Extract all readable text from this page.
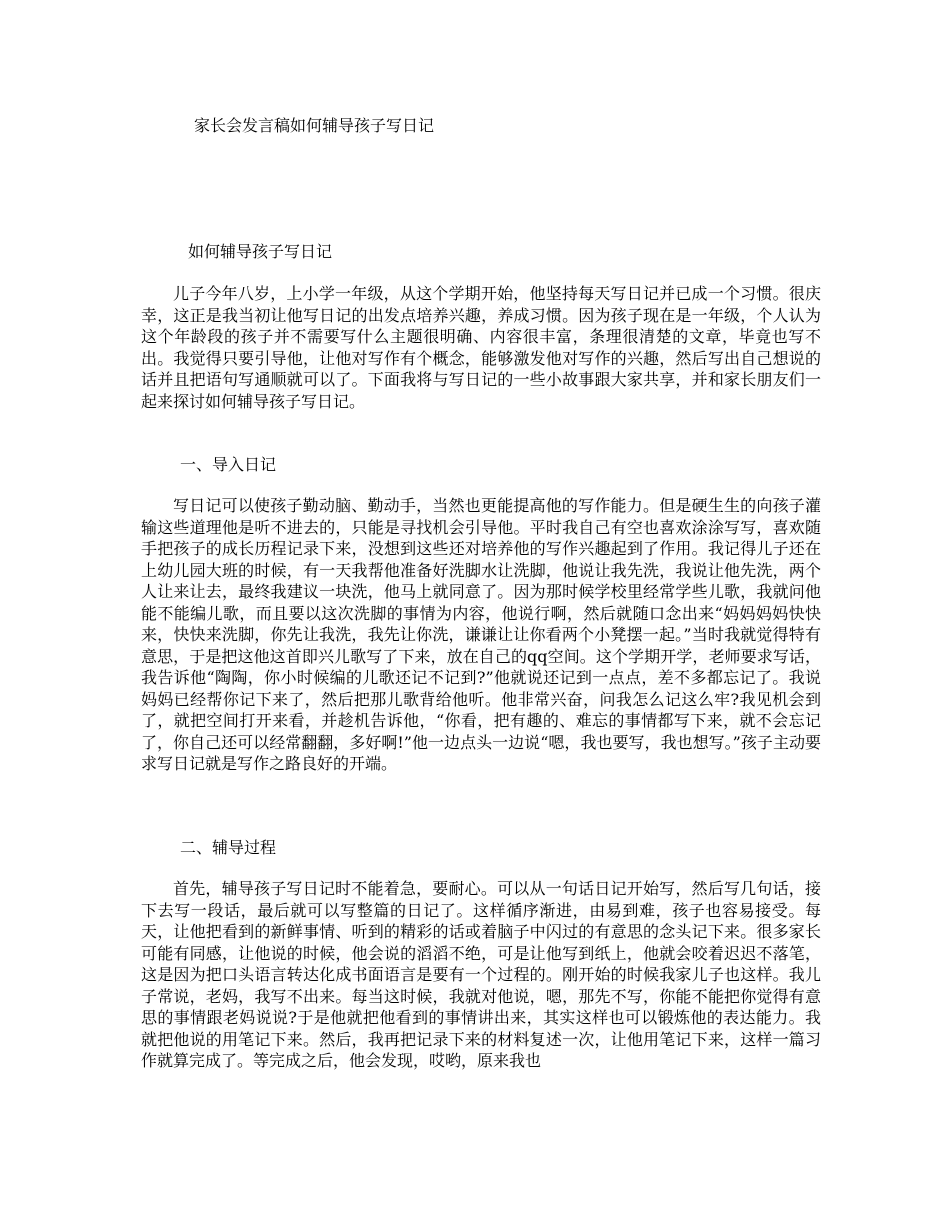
家长会发言稿如何辅导孩子写日记
如何辅导孩子写日记

儿子今年八岁，上小学一年级，从这个学期开始，他坚持每天写日记并已成一个习惯。很庆幸，这正是我当初让他写日记的出发点培养兴趣，养成习惯。因为孩子现在是一年级，个人认为这个年龄段的孩子并不需要写什么主题很明确、内容很丰富，条理很清楚的文章，毕竟也写不出。我觉得只要引导他，让他对写作有个概念，能够激发他对写作的兴趣，然后写出自己想说的话并且把语句写通顺就可以了。下面我将与写日记的一些小故事跟大家共享，并和家长朋友们一起来探讨如何辅导孩子写日记。

一、导入日记

写日记可以使孩子勤动脑、勤动手，当然也更能提高他的写作能力。但是硬生生的向孩子灌输这些道理他是听不进去的，只能是寻找机会引导他。平时我自己有空也喜欢涂涂写写，喜欢随手把孩子的成长历程记录下来，没想到这些还对培养他的写作兴趣起到了作用。我记得儿子还在上幼儿园大班的时候，有一天我帮他准备好洗脚水让洗脚，他说让我先洗，我说让他先洗，两个人让来让去，最终我建议一块洗，他马上就同意了。因为那时候学校里经常学些儿歌，我就问他能不能编儿歌，而且要以这次洗脚的事情为内容，他说行啊，然后就随口念出来“妈妈妈妈快快来，快快来洗脚，你先让我洗，我先让你洗，谦谦让让你看两个小凳摆一起。”当时我就觉得特有意思，于是把这他这首即兴儿歌写了下来，放在自己的qq空间。这个学期开学，老师要求写话，我告诉他“陶陶，你小时候编的儿歌还记不记到?”他就说还记到一点点，差不多都忘记了。我说妈妈已经帮你记下来了，然后把那儿歌背给他听。他非常兴奋，问我怎么记这么牢?我见机会到了，就把空间打开来看，并趁机告诉他，“你看，把有趣的、难忘的事情都写下来，就不会忘记了，你自己还可以经常翻翻，多好啊!”他一边点头一边说“嗯，我也要写，我也想写。”孩子主动要求写日记就是写作之路良好的开端。

二、辅导过程

首先，辅导孩子写日记时不能着急，要耐心。可以从一句话日记开始写，然后写几句话，接下去写一段话，最后就可以写整篇的日记了。这样循序渐进，由易到难，孩子也容易接受。每天，让他把看到的新鲜事情、听到的精彩的话或着脑子中闪过的有意思的念头记下来。很多家长可能有同感，让他说的时候，他会说的滔滔不绝，可是让他写到纸上，他就会咬着迟迟不落笔，这是因为把口头语言转达化成书面语言是要有一个过程的。刚开始的时候我家儿子也这样。我儿子常说，老妈，我写不出来。每当这时候，我就对他说，嗯，那先不写，你能不能把你觉得有意思的事情跟老妈说说?于是他就把他看到的事情讲出来，其实这样也可以锻炼他的表达能力。我就把他说的用笔记下来。然后，我再把记录下来的材料复述一次，让他用笔记下来，这样一篇习作就算完成了。等完成之后，他会发现，哎哟，原来我也
